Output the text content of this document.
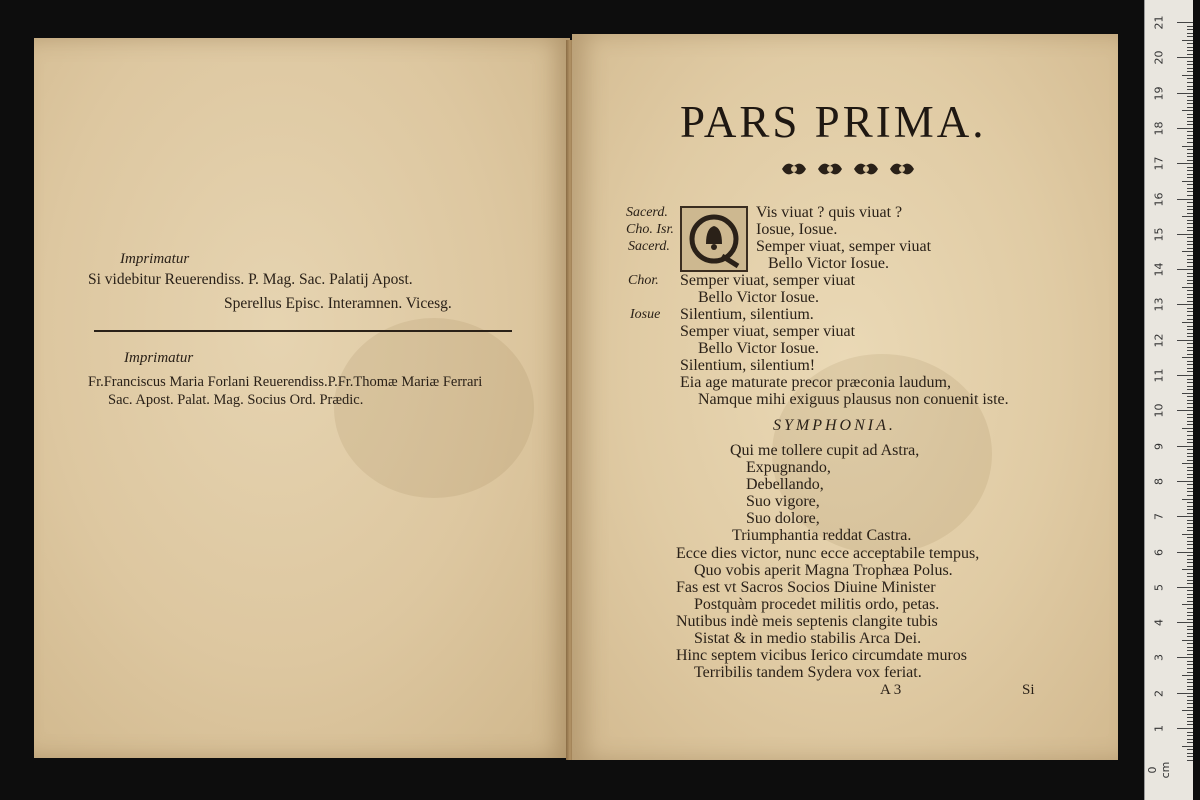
Imprimatur
Si videbitur Reuerendiss. P. Mag. Sac. Palatij Apost.
Sperellus Episc. Interamnen. Vicesg.
Imprimatur
Fr.Franciscus Maria Forlani Reuerendiss.P.Fr.Thomæ Mariæ Ferrari
Sac. Apost. Palat. Mag. Socius Ord. Prædic.
PARS PRIMA.
Sacerd.
Cho. Isr.
Sacerd.
Chor.
Iosue
Vis viuat ? quis viuat ?
Iosue, Iosue.
Semper viuat, semper viuat
Bello Victor Iosue.
Semper viuat, semper viuat
Bello Victor Iosue.
Silentium, silentium.
Semper viuat, semper viuat
Bello Victor Iosue.
Silentium, silentium!
Eia age maturate precor præconia laudum,
Namque mihi exiguus plausus non conuenit iste.
SYMPHONIA.
Qui me tollere cupit ad Astra,
Expugnando,
Debellando,
Suo vigore,
Suo dolore,
Triumphantia reddat Castra.
Ecce dies victor, nunc ecce acceptabile tempus,
Quo vobis aperit Magna Trophæa Polus.
Fas est vt Sacros Socios Diuine Minister
Postquàm procedet militis ordo, petas.
Nutibus indè meis septenis clangite tubis
Sistat & in medio stabilis Arca Dei.
Hinc septem vicibus Ierico circumdate muros
Terribilis tandem Sydera vox feriat.
A 3	Si
21
20
19
18
17
16
15
14
13
12
11
10
9
8
7
6
5
4
3
2
1
0 cm
